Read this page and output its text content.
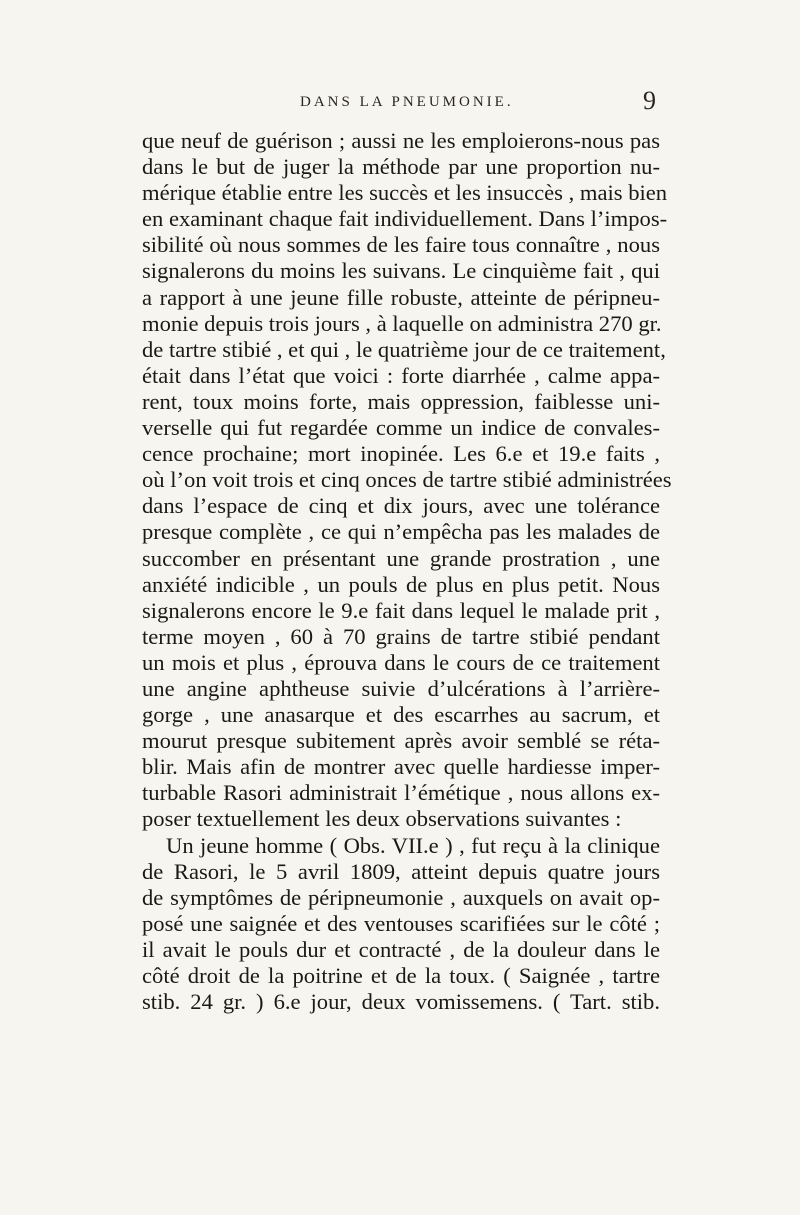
DANS LA PNEUMONIE.	9
que neuf de guérison ; aussi ne les emploierons-nous pas
dans le but de juger la méthode par une proportion nu-
mérique établie entre les succès et les insuccès , mais bien
en examinant chaque fait individuellement. Dans l’impos-
sibilité où nous sommes de les faire tous connaître , nous
signalerons du moins les suivans. Le cinquième fait , qui
a rapport à une jeune fille robuste, atteinte de péripneu-
monie depuis trois jours , à laquelle on administra 270 gr.
de tartre stibié , et qui , le quatrième jour de ce traitement,
était dans l’état que voici : forte diarrhée , calme appa-
rent, toux moins forte, mais oppression, faiblesse uni-
verselle qui fut regardée comme un indice de convales-
cence prochaine; mort inopinée. Les 6.e et 19.e faits ,
où l’on voit trois et cinq onces de tartre stibié administrées
dans l’espace de cinq et dix jours, avec une tolérance
presque complète , ce qui n’empêcha pas les malades de
succomber en présentant une grande prostration , une
anxiété indicible , un pouls de plus en plus petit. Nous
signalerons encore le 9.e fait dans lequel le malade prit ,
terme moyen , 60 à 70 grains de tartre stibié pendant
un mois et plus , éprouva dans le cours de ce traitement
une angine aphtheuse suivie d’ulcérations à l’arrière-
gorge , une anasarque et des escarrhes au sacrum, et
mourut presque subitement après avoir semblé se réta-
blir. Mais afin de montrer avec quelle hardiesse imper-
turbable Rasori administrait l’émétique , nous allons ex-
poser textuellement les deux observations suivantes :
Un jeune homme ( Obs. VII.e ) , fut reçu à la clinique
de Rasori, le 5 avril 1809, atteint depuis quatre jours
de symptômes de péripneumonie , auxquels on avait op-
posé une saignée et des ventouses scarifiées sur le côté ;
il avait le pouls dur et contracté , de la douleur dans le
côté droit de la poitrine et de la toux. ( Saignée , tartre
stib. 24 gr. ) 6.e jour, deux vomissemens. ( Tart. stib.
